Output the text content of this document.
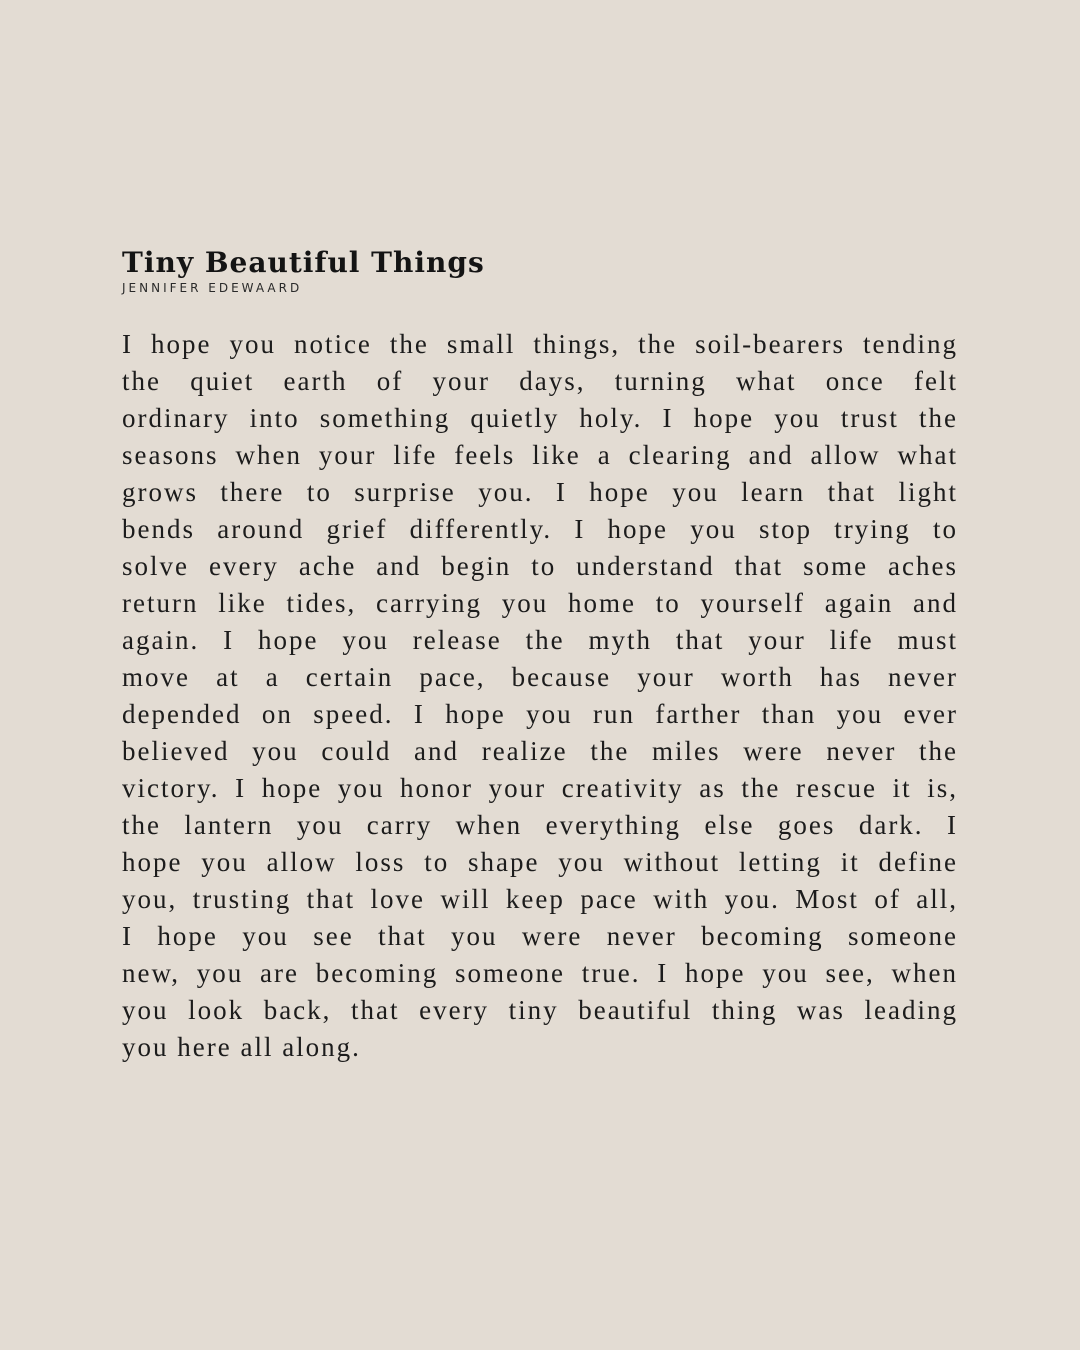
Tiny Beautiful Things
JENNIFER EDEWAARD
I hope you notice the small things, the soil-bearers tending
the quiet earth of your days, turning what once felt
ordinary into something quietly holy. I hope you trust the
seasons when your life feels like a clearing and allow what
grows there to surprise you. I hope you learn that light
bends around grief differently. I hope you stop trying to
solve every ache and begin to understand that some aches
return like tides, carrying you home to yourself again and
again. I hope you release the myth that your life must
move at a certain pace, because your worth has never
depended on speed. I hope you run farther than you ever
believed you could and realize the miles were never the
victory. I hope you honor your creativity as the rescue it is,
the lantern you carry when everything else goes dark. I
hope you allow loss to shape you without letting it define
you, trusting that love will keep pace with you. Most of all,
I hope you see that you were never becoming someone
new, you are becoming someone true. I hope you see, when
you look back, that every tiny beautiful thing was leading
you here all along.
